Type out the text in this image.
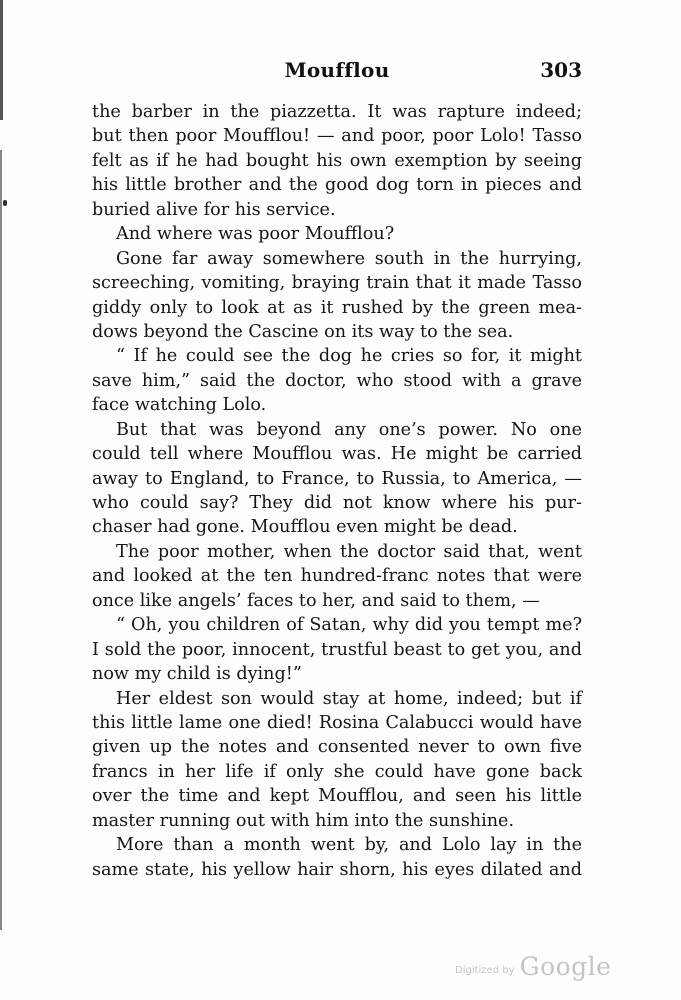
Moufflou	303
the barber in the piazzetta. It was rapture indeed;
but then poor Moufflou! — and poor, poor Lolo! Tasso
felt as if he had bought his own exemption by seeing
his little brother and the good dog torn in pieces and
buried alive for his service.
And where was poor Moufflou?
Gone far away somewhere south in the hurrying,
screeching, vomiting, braying train that it made Tasso
giddy only to look at as it rushed by the green mea-
dows beyond the Cascine on its way to the sea.
“ If he could see the dog he cries so for, it might
save him,” said the doctor, who stood with a grave
face watching Lolo.
But that was beyond any one’s power. No one
could tell where Moufflou was. He might be carried
away to England, to France, to Russia, to America, —
who could say? They did not know where his pur-
chaser had gone. Moufflou even might be dead.
The poor mother, when the doctor said that, went
and looked at the ten hundred-franc notes that were
once like angels’ faces to her, and said to them, —
“ Oh, you children of Satan, why did you tempt me?
I sold the poor, innocent, trustful beast to get you, and
now my child is dying!”
Her eldest son would stay at home, indeed; but if
this little lame one died! Rosina Calabucci would have
given up the notes and consented never to own five
francs in her life if only she could have gone back
over the time and kept Moufflou, and seen his little
master running out with him into the sunshine.
More than a month went by, and Lolo lay in the
same state, his yellow hair shorn, his eyes dilated and
Digitized by Google
